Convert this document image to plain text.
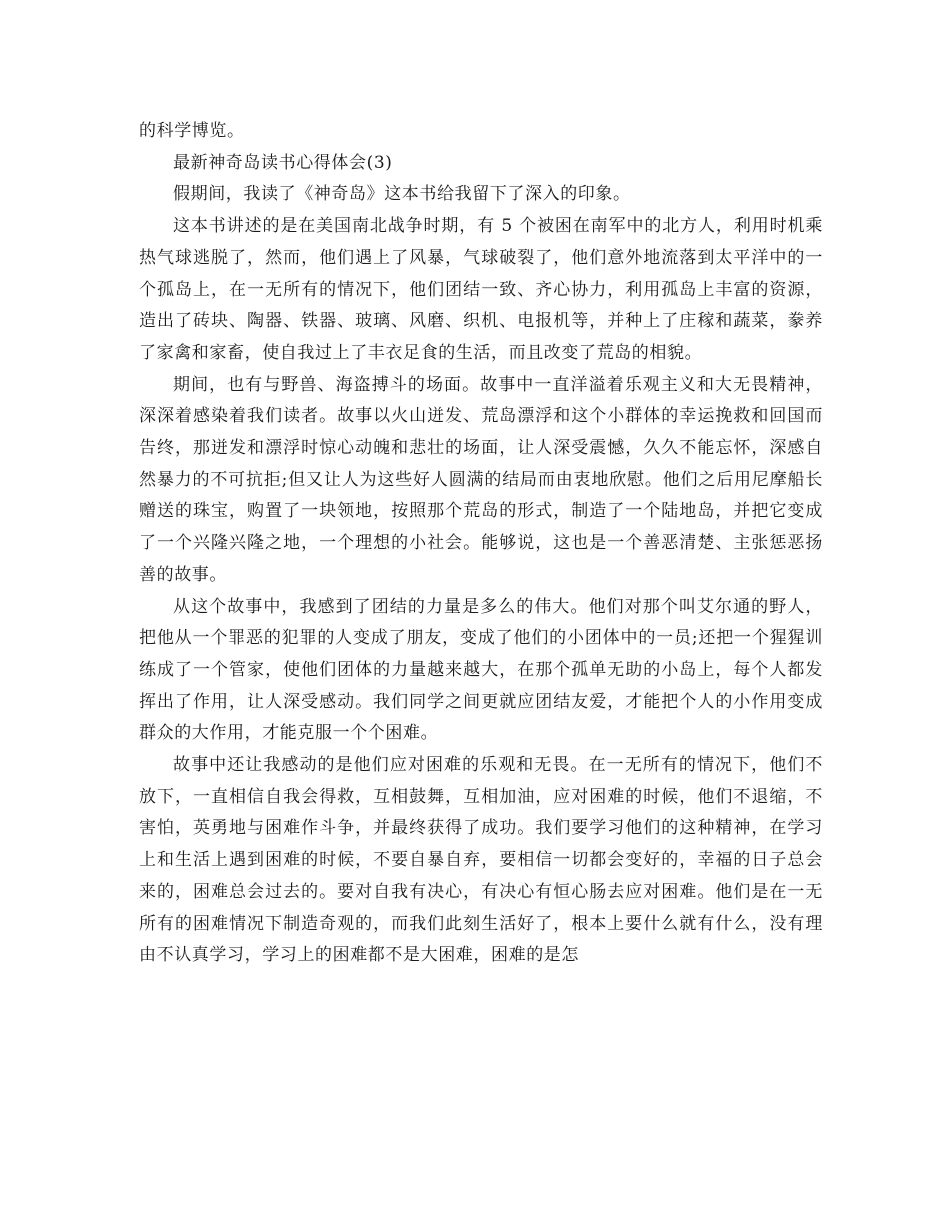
的科学博览。

最新神奇岛读书心得体会(3)

假期间，我读了《神奇岛》这本书给我留下了深入的印象。

这本书讲述的是在美国南北战争时期，有 5 个被困在南军中的北方人，利用时机乘热气球逃脱了，然而，他们遇上了风暴，气球破裂了，他们意外地流落到太平洋中的一个孤岛上，在一无所有的情况下，他们团结一致、齐心协力，利用孤岛上丰富的资源，造出了砖块、陶器、铁器、玻璃、风磨、织机、电报机等，并种上了庄稼和蔬菜，豢养了家禽和家畜，使自我过上了丰衣足食的生活，而且改变了荒岛的相貌。

期间，也有与野兽、海盗搏斗的场面。故事中一直洋溢着乐观主义和大无畏精神，深深着感染着我们读者。故事以火山迸发、荒岛漂浮和这个小群体的幸运挽救和回国而告终，那迸发和漂浮时惊心动魄和悲壮的场面，让人深受震憾，久久不能忘怀，深感自然暴力的不可抗拒;但又让人为这些好人圆满的结局而由衷地欣慰。他们之后用尼摩船长赠送的珠宝，购置了一块领地，按照那个荒岛的形式，制造了一个陆地岛，并把它变成了一个兴隆兴隆之地，一个理想的小社会。能够说，这也是一个善恶清楚、主张惩恶扬善的故事。

从这个故事中，我感到了团结的力量是多么的伟大。他们对那个叫艾尔通的野人，把他从一个罪恶的犯罪的人变成了朋友，变成了他们的小团体中的一员;还把一个猩猩训练成了一个管家，使他们团体的力量越来越大，在那个孤单无助的小岛上，每个人都发挥出了作用，让人深受感动。我们同学之间更就应团结友爱，才能把个人的小作用变成群众的大作用，才能克服一个个困难。

故事中还让我感动的是他们应对困难的乐观和无畏。在一无所有的情况下，他们不放下，一直相信自我会得救，互相鼓舞，互相加油，应对困难的时候，他们不退缩，不害怕，英勇地与困难作斗争，并最终获得了成功。我们要学习他们的这种精神，在学习上和生活上遇到困难的时候，不要自暴自弃，要相信一切都会变好的，幸福的日子总会来的，困难总会过去的。要对自我有决心，有决心有恒心肠去应对困难。他们是在一无所有的困难情况下制造奇观的，而我们此刻生活好了，根本上要什么就有什么，没有理由不认真学习，学习上的困难都不是大困难，困难的是怎
